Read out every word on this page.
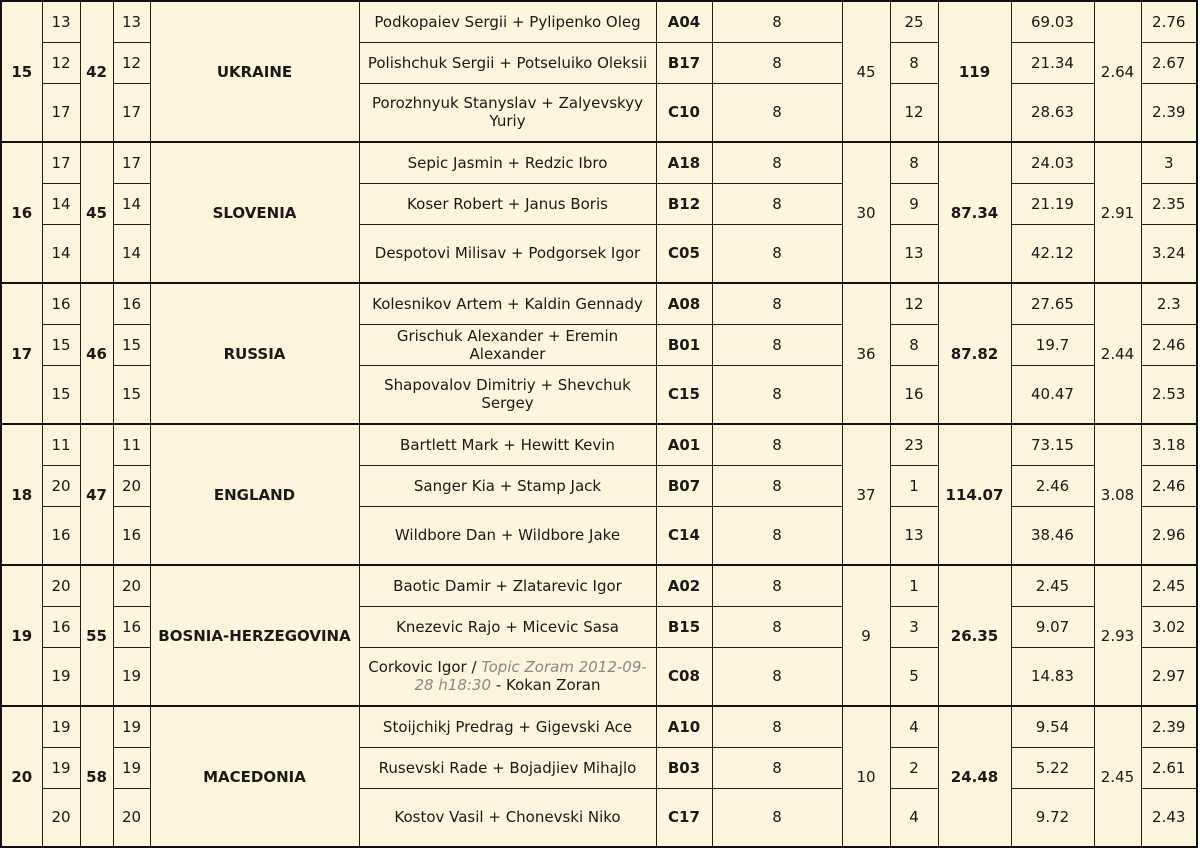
15	13	42	13	UKRAINE	Podkopaiev Sergii + Pylipenko Oleg	A04	8	45	25	119	69.03	2.64	2.76
	12		12		Polishchuk Sergii + Potseluiko Oleksii	B17	8		8		21.34		2.67
	17		17		Porozhnyuk Stanyslav + Zalyevskyy Yuriy	C10	8		12		28.63		2.39
16	17	45	17	SLOVENIA	Sepic Jasmin + Redzic Ibro	A18	8	30	8	87.34	24.03	2.91	3
	14		14		Koser Robert + Janus Boris	B12	8		9		21.19		2.35
	14		14		Despotovi Milisav + Podgorsek Igor	C05	8		13		42.12		3.24
17	16	46	16	RUSSIA	Kolesnikov Artem + Kaldin Gennady	A08	8	36	12	87.82	27.65	2.44	2.3
	15		15		Grischuk Alexander + Eremin Alexander	B01	8		8		19.7		2.46
	15		15		Shapovalov Dimitriy + Shevchuk Sergey	C15	8		16		40.47		2.53
18	11	47	11	ENGLAND	Bartlett Mark + Hewitt Kevin	A01	8	37	23	114.07	73.15	3.08	3.18
	20		20		Sanger Kia + Stamp Jack	B07	8		1		2.46		2.46
	16		16		Wildbore Dan + Wildbore Jake	C14	8		13		38.46		2.96
19	20	55	20	BOSNIA-HERZEGOVINA	Baotic Damir + Zlatarevic Igor	A02	8	9	1	26.35	2.45	2.93	2.45
	16		16		Knezevic Rajo + Micevic Sasa	B15	8		3		9.07		3.02
	19		19		Corkovic Igor / Topic Zoram 2012-09-28 h18:30 - Kokan Zoran	C08	8		5		14.83		2.97
20	19	58	19	MACEDONIA	Stoijchikj Predrag + Gigevski Ace	A10	8	10	4	24.48	9.54	2.45	2.39
	19		19		Rusevski Rade + Bojadjiev Mihajlo	B03	8		2		5.22		2.61
	20		20		Kostov Vasil + Chonevski Niko	C17	8		4		9.72		2.43
